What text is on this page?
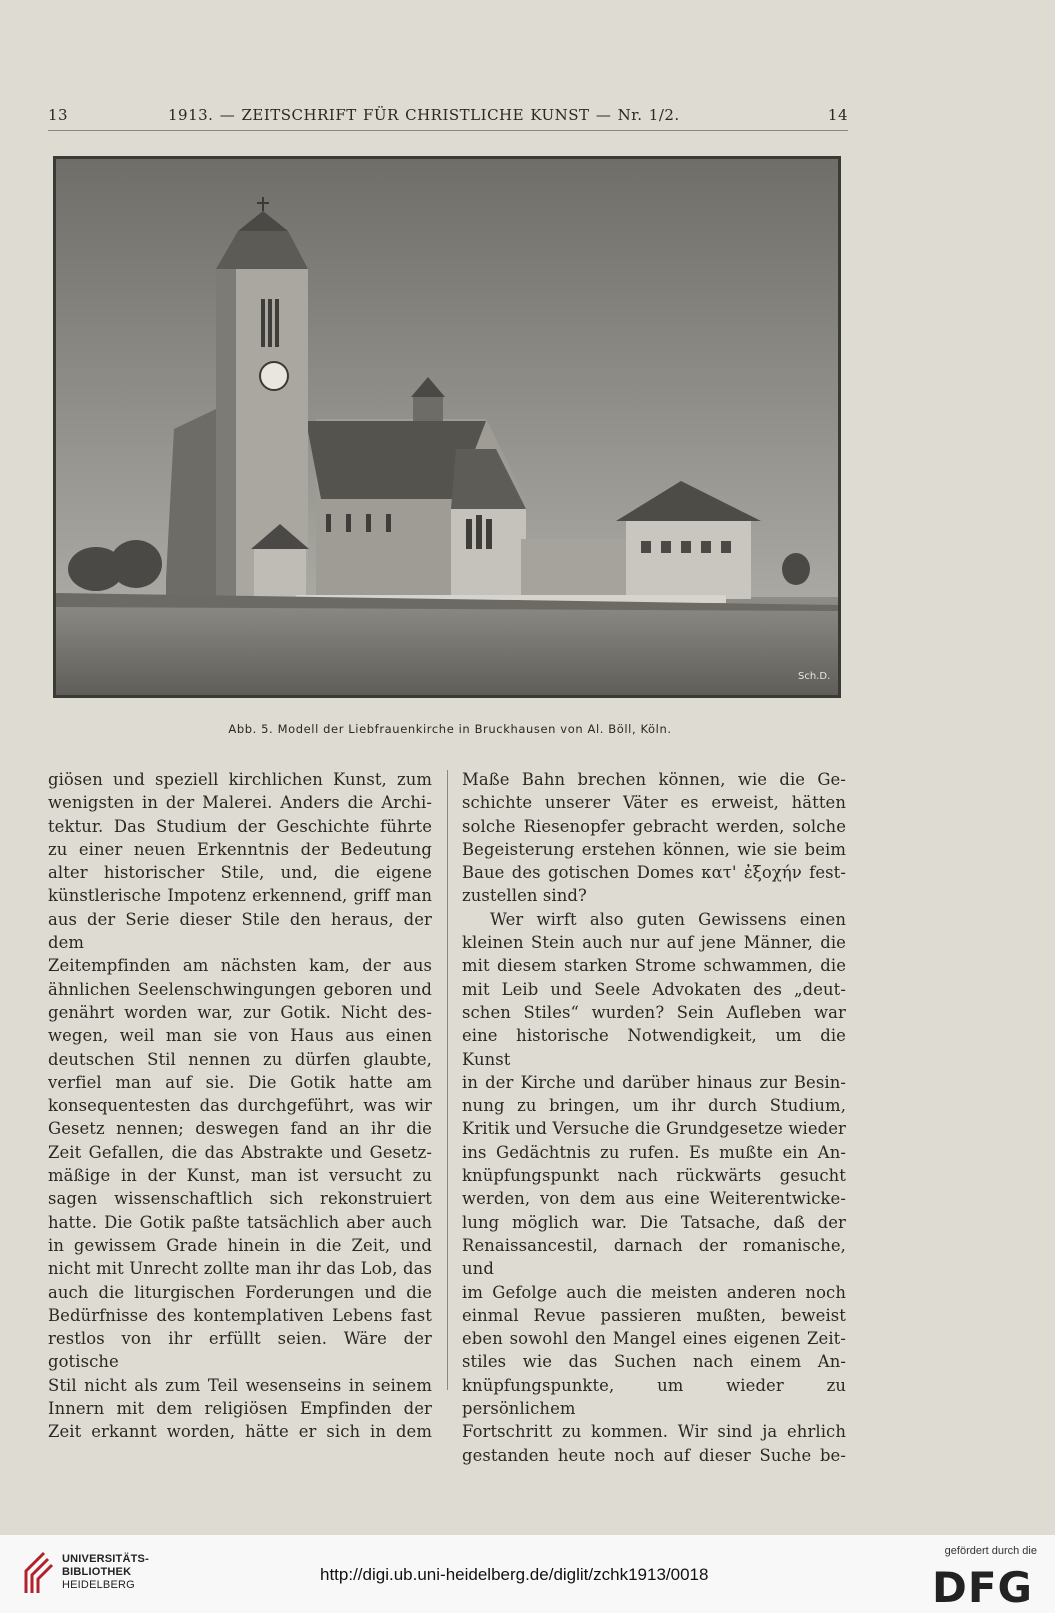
13	1913. — ZEITSCHRIFT FÜR CHRISTLICHE KUNST — Nr. 1/2.	14
Sch.D.
Abb. 5. Modell der Liebfrauenkirche in Bruckhausen von Al. Böll, Köln.

giösen und speziell kirchlichen Kunst, zum

wenigsten in der Malerei. Anders die Archi-

tektur. Das Studium der Geschichte führte

zu einer neuen Erkenntnis der Bedeutung

alter historischer Stile, und, die eigene

künstlerische Impotenz erkennend, griff man

aus der Serie dieser Stile den heraus, der dem

Zeitempfinden am nächsten kam, der aus

ähnlichen Seelenschwingungen geboren und

genährt worden war, zur Gotik. Nicht des-

wegen, weil man sie von Haus aus einen

deutschen Stil nennen zu dürfen glaubte,

verfiel man auf sie. Die Gotik hatte am

konsequentesten das durchgeführt, was wir

Gesetz nennen; deswegen fand an ihr die

Zeit Gefallen, die das Abstrakte und Gesetz-

mäßige in der Kunst, man ist versucht zu

sagen wissenschaftlich sich rekonstruiert

hatte. Die Gotik paßte tatsächlich aber auch

in gewissem Grade hinein in die Zeit, und

nicht mit Unrecht zollte man ihr das Lob, das

auch die liturgischen Forderungen und die

Bedürfnisse des kontemplativen Lebens fast

restlos von ihr erfüllt seien. Wäre der gotische

Stil nicht als zum Teil wesenseins in seinem

Innern mit dem religiösen Empfinden der

Zeit erkannt worden, hätte er sich in dem

Maße Bahn brechen können, wie die Ge-

schichte unserer Väter es erweist, hätten

solche Riesenopfer gebracht werden, solche

Begeisterung erstehen können, wie sie beim

Baue des gotischen Domes κατ' ἐξοχήν fest-

zustellen sind?

Wer wirft also guten Gewissens einen

kleinen Stein auch nur auf jene Männer, die

mit diesem starken Strome schwammen, die

mit Leib und Seele Advokaten des „deut-

schen Stiles“ wurden? Sein Aufleben war

eine historische Notwendigkeit, um die Kunst

in der Kirche und darüber hinaus zur Besin-

nung zu bringen, um ihr durch Studium,

Kritik und Versuche die Grundgesetze wieder

ins Gedächtnis zu rufen. Es mußte ein An-

knüpfungspunkt nach rückwärts gesucht

werden, von dem aus eine Weiterentwicke-

lung möglich war. Die Tatsache, daß der

Renaissancestil, darnach der romanische, und

im Gefolge auch die meisten anderen noch

einmal Revue passieren mußten, beweist

eben sowohl den Mangel eines eigenen Zeit-

stiles wie das Suchen nach einem An-

knüpfungspunkte, um wieder zu persönlichem

Fortschritt zu kommen. Wir sind ja ehrlich

gestanden heute noch auf dieser Suche be-

UNIVERSITÄTS-
BIBLIOTHEK
HEIDELBERG
http://digi.ub.uni-heidelberg.de/diglit/zchk1913/0018
gefördert durch die
DFG
